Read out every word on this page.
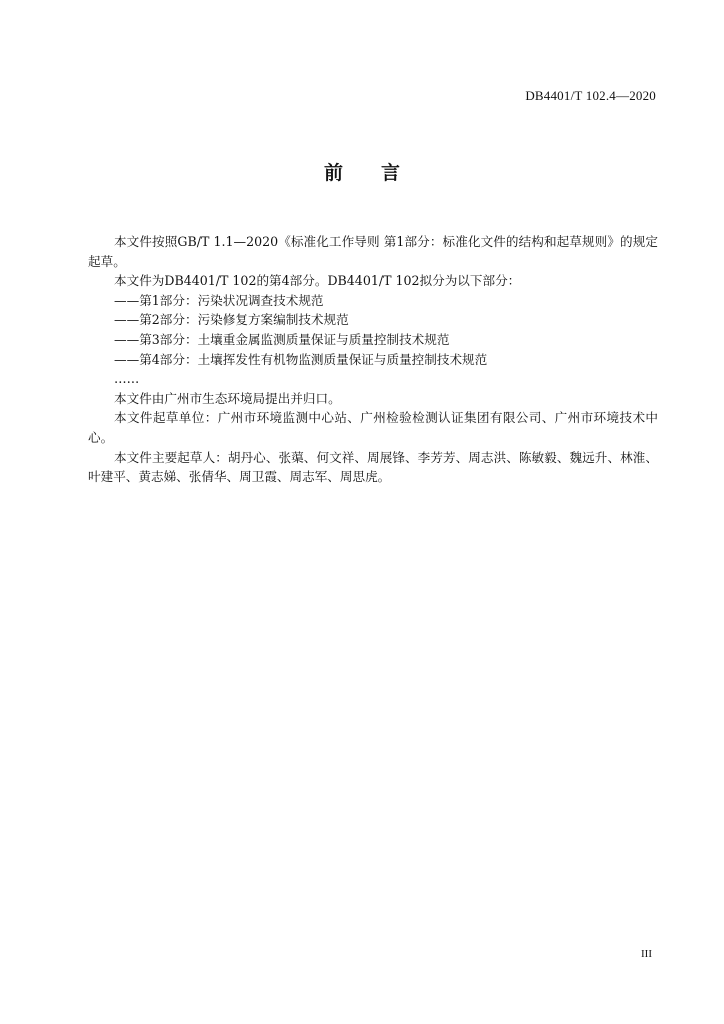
DB4401/T 102.4—2020
前言

本文件按照GB/T 1.1—2020《标准化工作导则 第1部分：标准化文件的结构和起草规则》的规定起草。

本文件为DB4401/T 102的第4部分。DB4401/T 102拟分为以下部分：

——第1部分：污染状况调查技术规范

——第2部分：污染修复方案编制技术规范

——第3部分：土壤重金属监测质量保证与质量控制技术规范

——第4部分：土壤挥发性有机物监测质量保证与质量控制技术规范

……

本文件由广州市生态环境局提出并归口。

本文件起草单位：广州市环境监测中心站、广州检验检测认证集团有限公司、广州市环境技术中心。

本文件主要起草人：胡丹心、张蕖、何文祥、周展锋、李芳芳、周志洪、陈敏毅、魏远升、林淮、叶建平、黄志娣、张倩华、周卫霞、周志军、周思虎。

III
